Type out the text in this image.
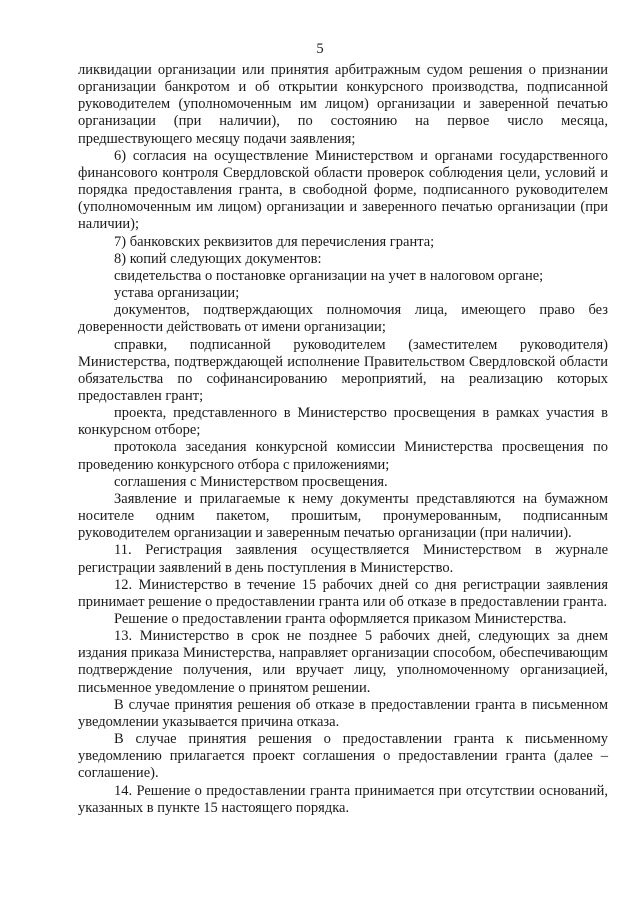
5

ликвидации организации или принятия арбитражным судом решения о признании организации банкротом и об открытии конкурсного производства, подписанной руководителем (уполномоченным им лицом) организации и заверенной печатью организации (при наличии), по состоянию на первое число месяца, предшествующего месяцу подачи заявления;

6) согласия на осуществление Министерством и органами государственного финансового контроля Свердловской области проверок соблюдения цели, условий и порядка предоставления гранта, в свободной форме, подписанного руководителем (уполномоченным им лицом) организации и заверенного печатью организации (при наличии);

7) банковских реквизитов для перечисления гранта;

8) копий следующих документов:

свидетельства о постановке организации на учет в налоговом органе;

устава организации;

документов, подтверждающих полномочия лица, имеющего право без доверенности действовать от имени организации;

справки, подписанной руководителем (заместителем руководителя) Министерства, подтверждающей исполнение Правительством Свердловской области обязательства по софинансированию мероприятий, на реализацию которых предоставлен грант;

проекта, представленного в Министерство просвещения в рамках участия в конкурсном отборе;

протокола заседания конкурсной комиссии Министерства просвещения по проведению конкурсного отбора с приложениями;

соглашения с Министерством просвещения.

Заявление и прилагаемые к нему документы представляются на бумажном носителе одним пакетом, прошитым, пронумерованным, подписанным руководителем организации и заверенным печатью организации (при наличии).

11. Регистрация заявления осуществляется Министерством в журнале регистрации заявлений в день поступления в Министерство.

12. Министерство в течение 15 рабочих дней со дня регистрации заявления принимает решение о предоставлении гранта или об отказе в предоставлении гранта.

Решение о предоставлении гранта оформляется приказом Министерства.

13. Министерство в срок не позднее 5 рабочих дней, следующих за днем издания приказа Министерства, направляет организации способом, обеспечивающим подтверждение получения, или вручает лицу, уполномоченному организацией, письменное уведомление о принятом решении.

В случае принятия решения об отказе в предоставлении гранта в письменном уведомлении указывается причина отказа.

В случае принятия решения о предоставлении гранта к письменному уведомлению прилагается проект соглашения о предоставлении гранта (далее – соглашение).

14. Решение о предоставлении гранта принимается при отсутствии оснований, указанных в пункте 15 настоящего порядка.
